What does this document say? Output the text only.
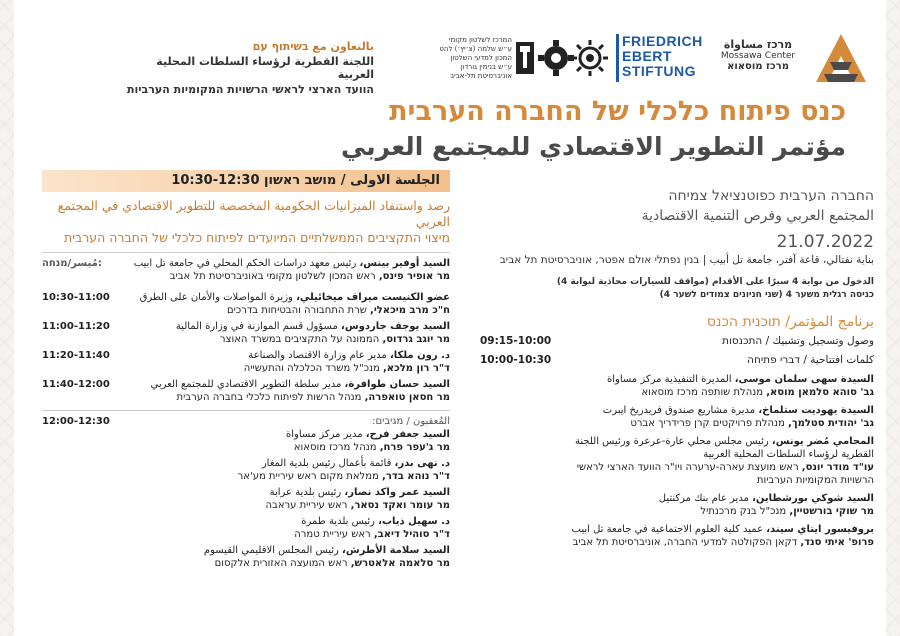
מרכז مساواة
Mossawa Center
מרכז מוסאוא
FRIEDRICH
EBERT
STIFTUNG
המרכז לשלטון מקומי
ע״ש שלמה (צ׳יץ׳) להט
המכון למדעי השלטון
ע״ש בנימין גורדון
אוניברסיטת תל-אביב
بالتعاون مع בשיתוף עם
اللجنة القطرية لرؤساء السلطات المحلية العربية
הוועד הארצי לראשי הרשויות המקומיות הערביות
כנס פיתוח כלכלי של החברה הערבית
مؤتمر التطوير الاقتصادي للمجتمع العربي
החברה הערבית כפוטנציאל צמיחה
المجتمع العربي وفرص التنمية الاقتصادية
21.07.2022
بناية نفتالي، قاعة آفتر، جامعة تل أبيب | בנין נפתלי אולם אפטר, אוניברסיטת תל אביב
الدخول من بوابة 4 سيرًا على الأقدام (مواقف للسيارات محاذية لبوابة 4)
כניסה רגלית משער 4 (שני חניונים צמודים לשער 4)
برنامج المؤتمر/ תוכנית הכנס
09:15-10:00	وصول وتسجيل وتشبيك / התכנסות
10:00-10:30	كلمات افتتاحية / דברי פתיחה
السيدة سهى سلمان موسى، المديرة التنفيذية مركز مساواة
גב' סוהא סלמאן מוסא, מנהלת שותפה מרכז מוסאוא
السيدة يهوديت ستلماخ، مديرة مشاريع صندوق فريدريخ ايبرت
גב' יהודית סטלמך, מנהלת פרויקטים קרן פרידריך אברט
المحامي مُضر يونس، رئيس مجلس محلي عارة-عرعرة ورئيس اللجنة القطرية لرؤساء السلطات المحلية العربية
עו"ד מודר יונס, ראש מועצת עארה-ערערה ויו"ר הוועד הארצי לראשי הרשויות המקומיות הערביות
السيد شوكي بورشطاين، مدير عام بنك مركنتيل
מר שוקי בורשטיין, מנכ"ל בנק מרכנתיל
بروفيسور ايتاي سيند، عميد كلية العلوم الاجتماعية في جامعة تل ابيب
פרופ' איתי סנד, דקאן הפקולטה למדעי החברה, אוניברסיטת תל אביב
الجلسة الاولى / מושב ראשון 10:30-12:30
رصد واستنفاد الميزانيات الحكومية المخصصة للتطوير الاقتصادي في المجتمع العربي
מיצוי התקציבים הממשלתיים המיועדים לפיתוח כלכלי של החברה הערבית
مُيسر/מנחה:	السيد أوفير بينس، رئيس معهد دراسات الحكم المحلي في جامعة تل ابيب
מר אופיר פינס, ראש המכון לשלטון מקומי באוניברסיטת תל אביב
10:30-11:00	عضو الكنيست ميراف ميخائيلي، وزيرة المواصلات والأمان على الطرق
ח"כ מרב מיכאלי, שרת התחבורה והבטיחות בדרכים
11:00-11:20	السيد يوجف جاردوس، مسؤول قسم الموازنة في وزارة المالية
מר יוגב גרדוס, הממונה על התקציבים במשרד האוצר
11:20-11:40	د. رون ملكا، مدير عام وزارة الاقتصاد والصناعة
ד"ר רון מלכא, מנכ"ל משרד הכלכלה והתעשייה
11:40-12:00	السيد حسان طوافرة، مدير سلطة التطوير الاقتصادي للمجتمع العربي
מר חסאן טואפרה, מנהל הרשות לפיתוח כלכלי בחברה הערבית
12:00-12:30	المُعقبون / מגיבים:
السيد جعفر فرح، مدير مركز مساواة
מר ג'עפר פרח, מנהל מרכז מוסאוא
د. نهى بدر، قائمة بأعمال رئيس بلدية المغار
ד"ר נוהא בדר, ממלאת מקום ראש עיריית מע'אר
السيد عمر واكد نصار، رئيس بلدية عرابة
מר עומר ואקד נסאר, ראש עיריית עראבה
د. سهيل ذياب، رئيس بلدية طمرة
ד"ר סוהיל דיאב, ראש עיריית טמרה
السيد سلامة الأطرش، رئيس المجلس الاقليمي القيسوم
מר סלאמה אלאטרש, ראש המועצה האזורית אלקסום
